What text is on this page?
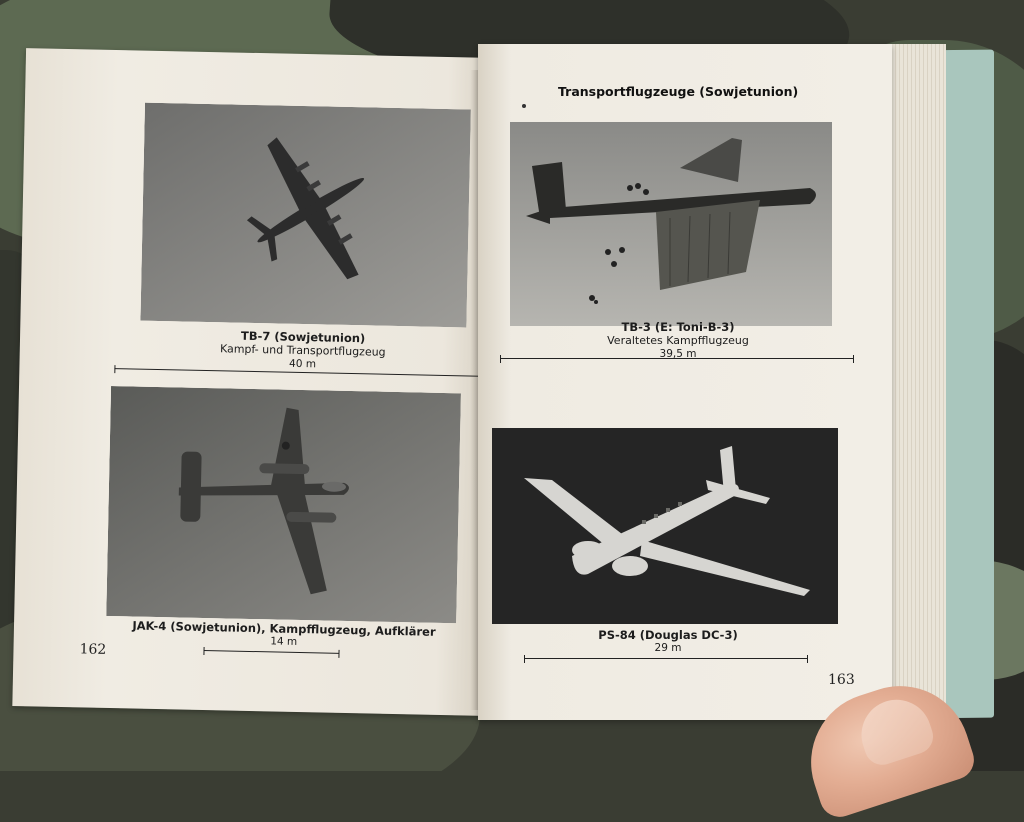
TB-7 (Sowjetunion)
Kampf- und Transportflugzeug
40 m
JAK-4 (Sowjetunion), Kampfflugzeug, Aufklärer
14 m
162
Transportflugzeuge (Sowjetunion)
TB-3 (E: Toni-B-3)
Veraltetes Kampfflugzeug
39,5 m
PS-84 (Douglas DC-3)
29 m
163
